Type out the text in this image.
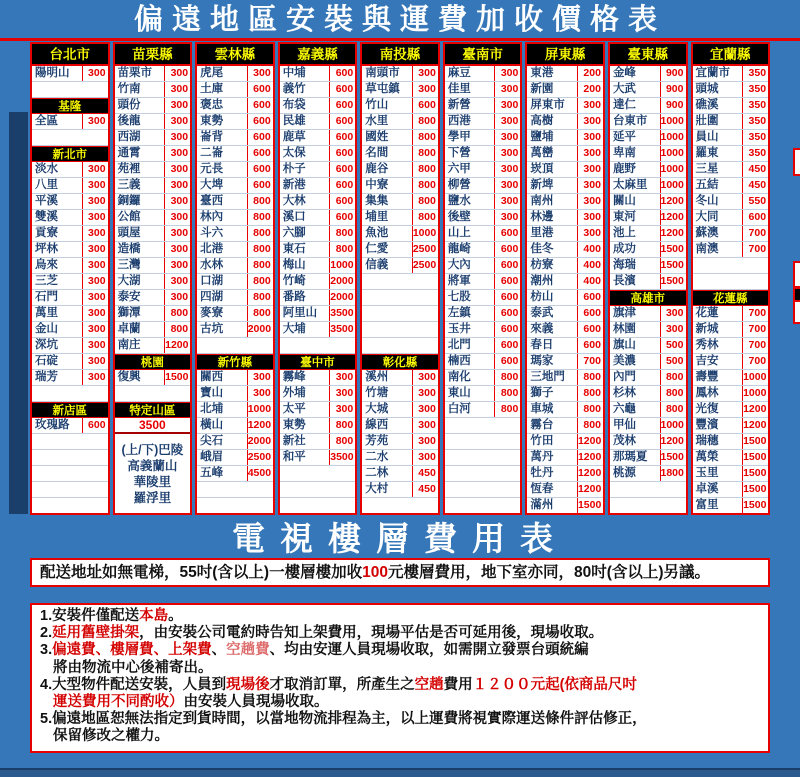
偏遠地區安裝與運費加收價格表
台北市
陽明山	300
基隆
全區	300
新北市
淡水	300
八里	300
平溪	300
雙溪	300
貢寮	300
坪林	300
烏來	300
三芝	300
石門	300
萬里	300
金山	300
深坑	300
石碇	300
瑞芳	300
新店區
玫瑰路	600
苗栗縣
苗栗市	300
竹南	300
頭份	300
後龍	300
西湖	300
通霄	300
苑裡	300
三義	300
銅鑼	300
公館	300
頭屋	300
造橋	300
三灣	300
大湖	300
泰安	300
獅潭	800
卓蘭	800
南庄	1200
桃園
復興	1500
特定山區
3500
(上/下)巴陵
高義蘭山
華陵里
羅浮里
雲林縣
虎尾	300
土庫	600
褒忠	600
東勢	600
崙背	600
二崙	600
元長	600
大埤	600
臺西	800
林內	800
斗六	800
北港	800
水林	800
口湖	800
四湖	800
麥寮	800
古坑	2000
新竹縣
關西	300
寶山	300
北埔	1000
橫山	1200
尖石	2000
峨眉	2500
五峰	4500
嘉義縣
中埔	600
義竹	600
布袋	600
民雄	600
鹿草	600
太保	600
朴子	600
新港	600
大林	600
溪口	600
六腳	800
東石	800
梅山	1000
竹崎	2000
番路	2000
阿里山	3500
大埔	3500
臺中市
霧峰	300
外埔	300
太平	300
東勢	800
新社	800
和平	3500
南投縣
南頭市	300
草屯鎮	300
竹山	600
水里	800
國姓	800
名間	800
鹿谷	800
中寮	800
集集	800
埔里	800
魚池	1000
仁愛	2500
信義	2500
彰化縣
溪州	300
竹塘	300
大城	300
線西	300
芳苑	300
二水	300
二林	450
大村	450
臺南市
麻豆	300
佳里	300
新營	300
西港	300
學甲	300
下營	300
六甲	300
柳營	300
鹽水	300
後壁	300
山上	600
龍崎	600
大內	600
將軍	600
七股	600
左鎮	600
玉井	600
北門	600
楠西	600
南化	800
東山	800
白河	800
屏東縣
東港	200
新園	200
屏東市	300
高樹	300
鹽埔	300
萬巒	300
崁頂	300
新埤	300
南州	300
林邊	300
里港	300
佳冬	400
枋寮	400
潮州	400
枋山	600
泰武	600
來義	600
春日	600
瑪家	700
三地門	800
獅子	800
車城	800
霧台	800
竹田	1200
萬丹	1200
牡丹	1200
恆春	1200
滿州	1500
臺東縣
金峰	900
大武	900
達仁	900
台東市	1000
延平	1000
卑南	1000
鹿野	1000
太麻里	1000
關山	1200
東河	1200
池上	1200
成功	1500
海瑞	1500
長濱	1500
高雄市
旗津	300
林園	300
旗山	500
美濃	500
內門	800
杉林	800
六龜	800
甲仙	1000
茂林	1200
那瑪夏	1500
桃源	1800
宜蘭縣
宜蘭市	350
頭城	350
礁溪	350
壯圍	350
員山	350
羅東	350
三星	450
五結	450
冬山	550
大同	600
蘇澳	700
南澳	700
花蓮縣
花蓮	700
新城	700
秀林	700
吉安	700
壽豐	1000
鳳林	1000
光復	1200
豐濱	1200
瑞穗	1500
萬榮	1500
玉里	1500
卓溪	1500
富里	1500
電視樓層費用表
配送地址如無電梯，55吋(含以上)一樓層樓加收100元樓層費用，地下室亦同，80吋(含以上)另議。
1.安裝件僅配送本島。
2.延用舊壁掛架，由安裝公司電約時告知上架費用，現場平估是否可延用後，現場收取。
3.偏遠費、樓層費、上架費、空趟費、均由安運人員現場收取，如需開立發票台頭統編
將由物流中心後補寄出。
4.大型物件配送安裝，人員到現場後才取消訂單，所產生之空趟費用１２００元起(依商品尺吋
運送費用不同酌收）由安裝人員現場收取。
5.偏遠地區恕無法指定到貨時間，以當地物流排程為主，以上運費將視實際運送條件評估修正，
保留修改之權力。
